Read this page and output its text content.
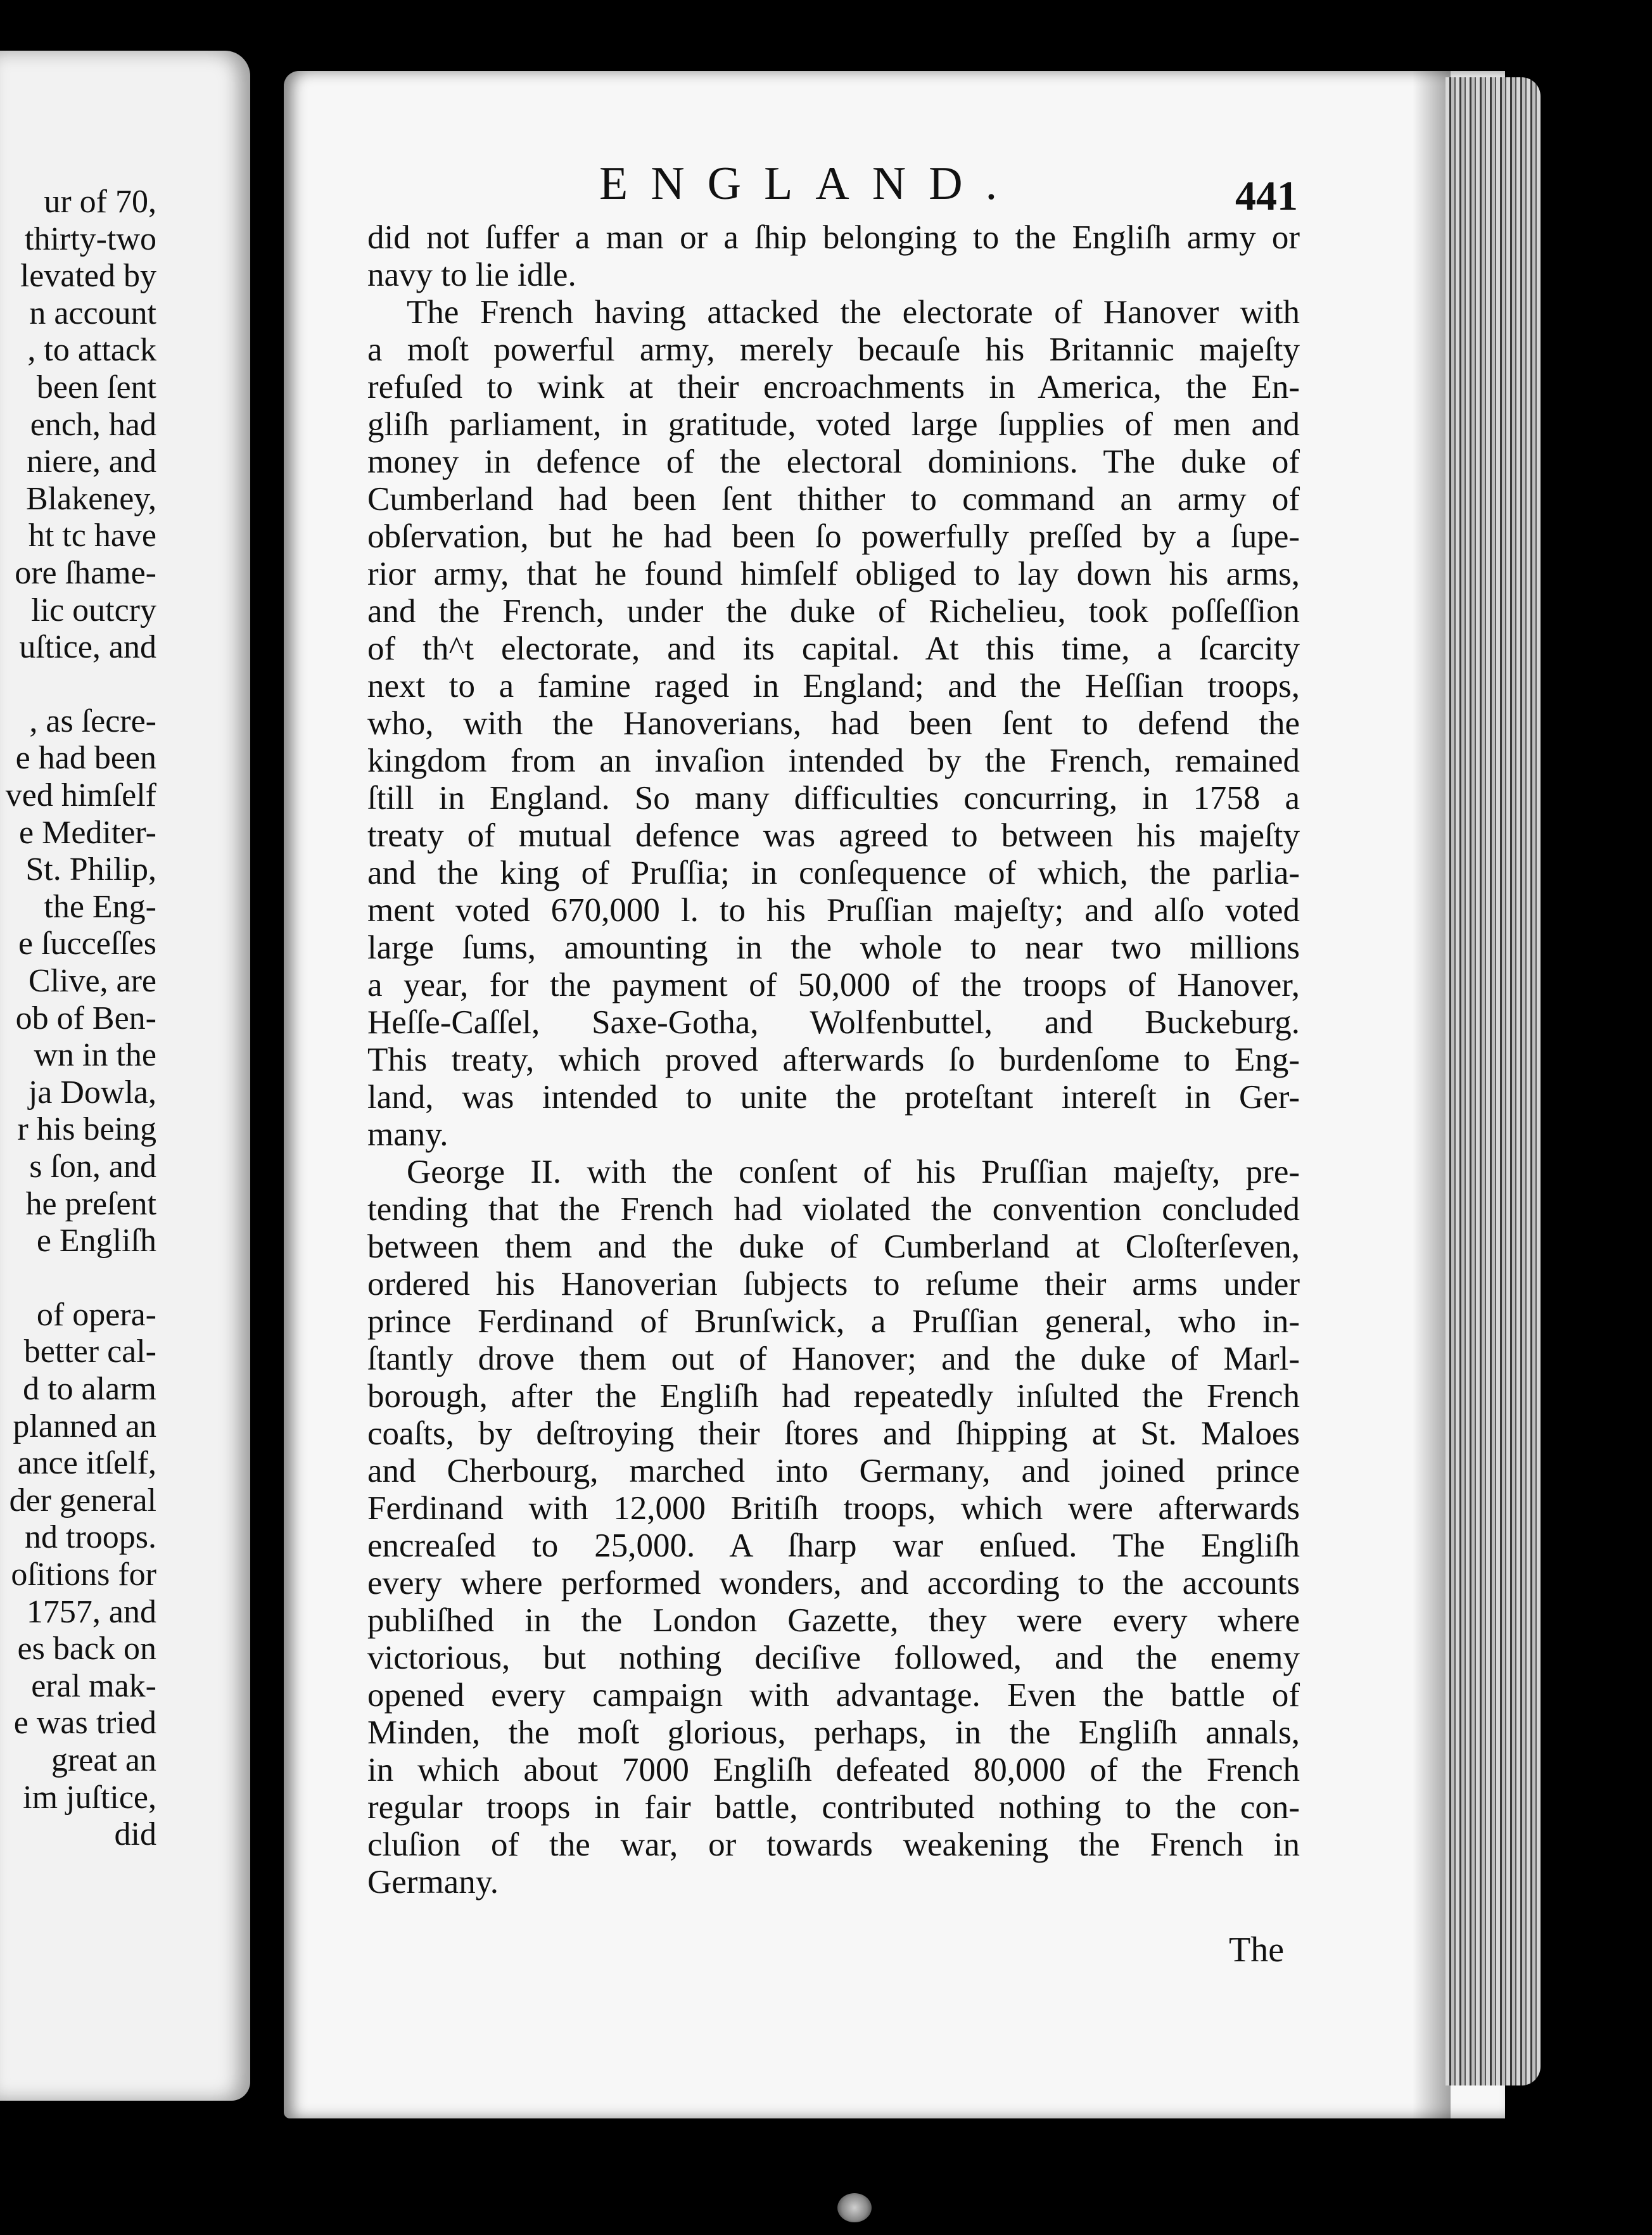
ur of 70,
thirty-two
levated by
n account
, to attack
been ſent
ench, had
niere, and
Blakeney,
ht tc have
ore ſhame-
lic outcry
uſtice, and
, as ſecre-
e had been
ved himſelf
e Mediter-
St. Philip,
the Eng-
e ſucceſſes
Clive, are
ob of Ben-
wn in the
ja Dowla,
r his being
s ſon, and
he preſent
e Engliſh
of opera-
better cal-
d to alarm
planned an
ance itſelf,
der general
nd troops.
oſitions for
1757, and
es back on
eral mak-
e was tried
great an
im juſtice,
did
ENGLAND.	441
did not ſuffer a man or a ſhip belonging to the Engliſh army or
navy to lie idle.
The French having attacked the electorate of Hanover with
a moſt powerful army, merely becauſe his Britannic majeſty
refuſed to wink at their encroachments in America, the En-
gliſh parliament, in gratitude, voted large ſupplies of men and
money in defence of the electoral dominions. The duke of
Cumberland had been ſent thither to command an army of
obſervation, but he had been ſo powerfully preſſed by a ſupe-
rior army, that he found himſelf obliged to lay down his arms,
and the French, under the duke of Richelieu, took poſſeſſion
of th^t electorate, and its capital. At this time, a ſcarcity
next to a famine raged in England; and the Heſſian troops,
who, with the Hanoverians, had been ſent to defend the
kingdom from an invaſion intended by the French, remained
ſtill in England. So many difficulties concurring, in 1758 a
treaty of mutual defence was agreed to between his majeſty
and the king of Pruſſia; in conſequence of which, the parlia-
ment voted 670,000 l. to his Pruſſian majeſty; and alſo voted
large ſums, amounting in the whole to near two millions
a year, for the payment of 50,000 of the troops of Hanover,
Heſſe-Caſſel, Saxe-Gotha, Wolfenbuttel, and Buckeburg.
This treaty, which proved afterwards ſo burdenſome to Eng-
land, was intended to unite the proteſtant intereſt in Ger-
many.
George II. with the conſent of his Pruſſian majeſty, pre-
tending that the French had violated the convention concluded
between them and the duke of Cumberland at Cloſterſeven,
ordered his Hanoverian ſubjects to reſume their arms under
prince Ferdinand of Brunſwick, a Pruſſian general, who in-
ſtantly drove them out of Hanover; and the duke of Marl-
borough, after the Engliſh had repeatedly inſulted the French
coaſts, by deſtroying their ſtores and ſhipping at St. Maloes
and Cherbourg, marched into Germany, and joined prince
Ferdinand with 12,000 Britiſh troops, which were afterwards
encreaſed to 25,000. A ſharp war enſued. The Engliſh
every where performed wonders, and according to the accounts
publiſhed in the London Gazette, they were every where
victorious, but nothing deciſive followed, and the enemy
opened every campaign with advantage. Even the battle of
Minden, the moſt glorious, perhaps, in the Engliſh annals,
in which about 7000 Engliſh defeated 80,000 of the French
regular troops in fair battle, contributed nothing to the con-
cluſion of the war, or towards weakening the French in
Germany.
The
